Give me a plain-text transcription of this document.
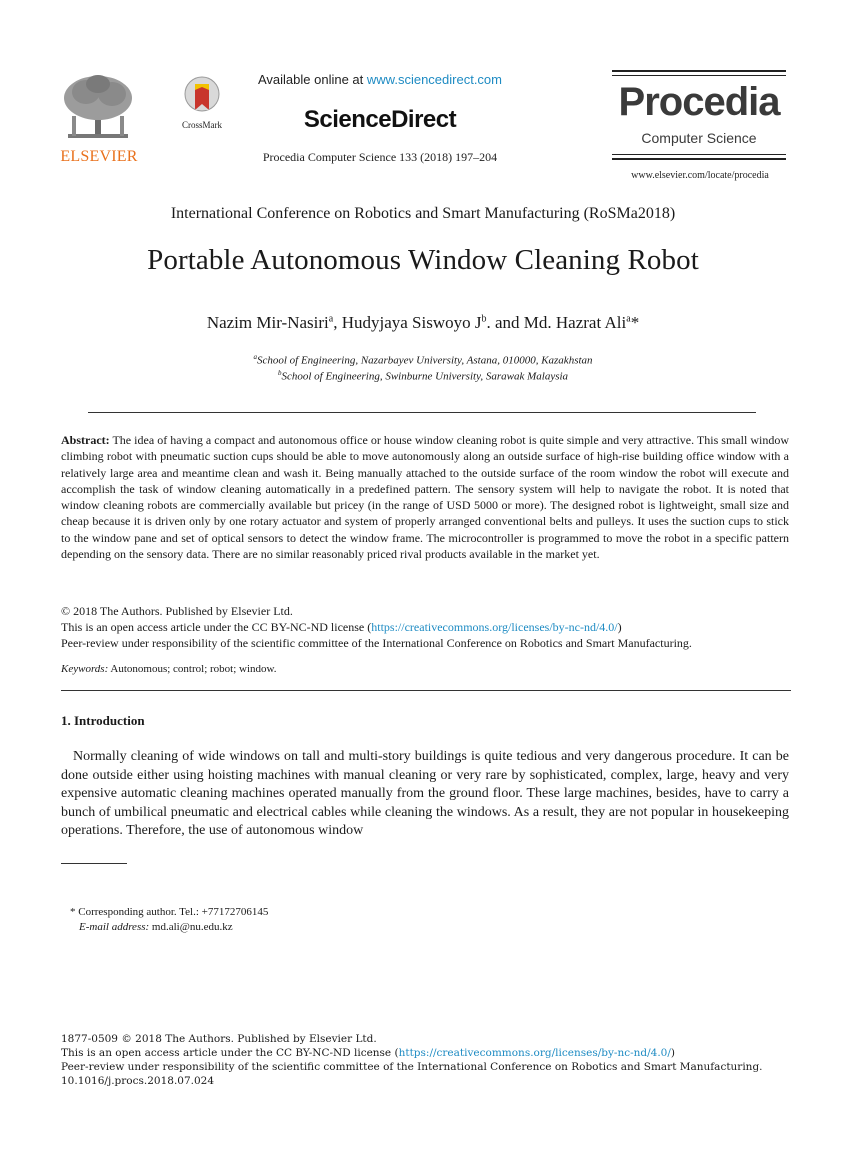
ELSEVIER
CrossMark
Available online at www.sciencedirect.com
ScienceDirect
Procedia Computer Science 133 (2018) 197–204
Procedia
Computer Science
www.elsevier.com/locate/procedia
International Conference on Robotics and Smart Manufacturing (RoSMa2018)
Portable Autonomous Window Cleaning Robot
Nazim Mir-Nasiri$^a$, Hudyjaya Siswoyo $J^b$. and Md. Hazrat Ali$^a$*
$^a$School of Engineering, Nazarbayev University, Astana, 010000, Kazakhstan
$^b$School of Engineering, Swinburne University, Sarawak Malaysia
Abstract: The idea of having a compact and autonomous office or house window cleaning robot is quite simple and very attractive. This small window climbing robot with pneumatic suction cups should be able to move autonomously along an outside surface of high-rise building office window with a relatively large area and meantime clean and wash it. Being manually attached to the outside surface of the room window the robot will execute and accomplish the task of window cleaning automatically in a predefined pattern. The sensory system will help to navigate the robot. It is noted that window cleaning robots are commercially available but pricey (in the range of USD 5000 or more). The designed robot is lightweight, small size and cheap because it is driven only by one rotary actuator and system of properly arranged conventional belts and pulleys. It uses the suction cups to stick to the window pane and set of optical sensors to detect the window frame. The microcontroller is programmed to move the robot in a specific pattern depending on the sensory data. There are no similar reasonably priced rival products available in the market yet.
© 2018 The Authors. Published by Elsevier Ltd.
This is an open access article under the CC BY-NC-ND license (https://creativecommons.org/licenses/by-nc-nd/4.0/)
Peer-review under responsibility of the scientific committee of the International Conference on Robotics and Smart Manufacturing.
Keywords: Autonomous; control; robot; window.
1. Introduction
Normally cleaning of wide windows on tall and multi-story buildings is quite tedious and very dangerous procedure. It can be done outside either using hoisting machines with manual cleaning or very rare by sophisticated, complex, large, heavy and very expensive automatic cleaning machines operated manually from the ground floor. These large machines, besides, have to carry a bunch of umbilical pneumatic and electrical cables while cleaning the windows. As a result, they are not popular in housekeeping operations. Therefore, the use of autonomous window
* Corresponding author. Tel.: +77172706145
E-mail address: md.ali@nu.edu.kz
1877-0509 © 2018 The Authors. Published by Elsevier Ltd.
This is an open access article under the CC BY-NC-ND license (https://creativecommons.org/licenses/by-nc-nd/4.0/)
Peer-review under responsibility of the scientific committee of the International Conference on Robotics and Smart Manufacturing.
10.1016/j.procs.2018.07.024
